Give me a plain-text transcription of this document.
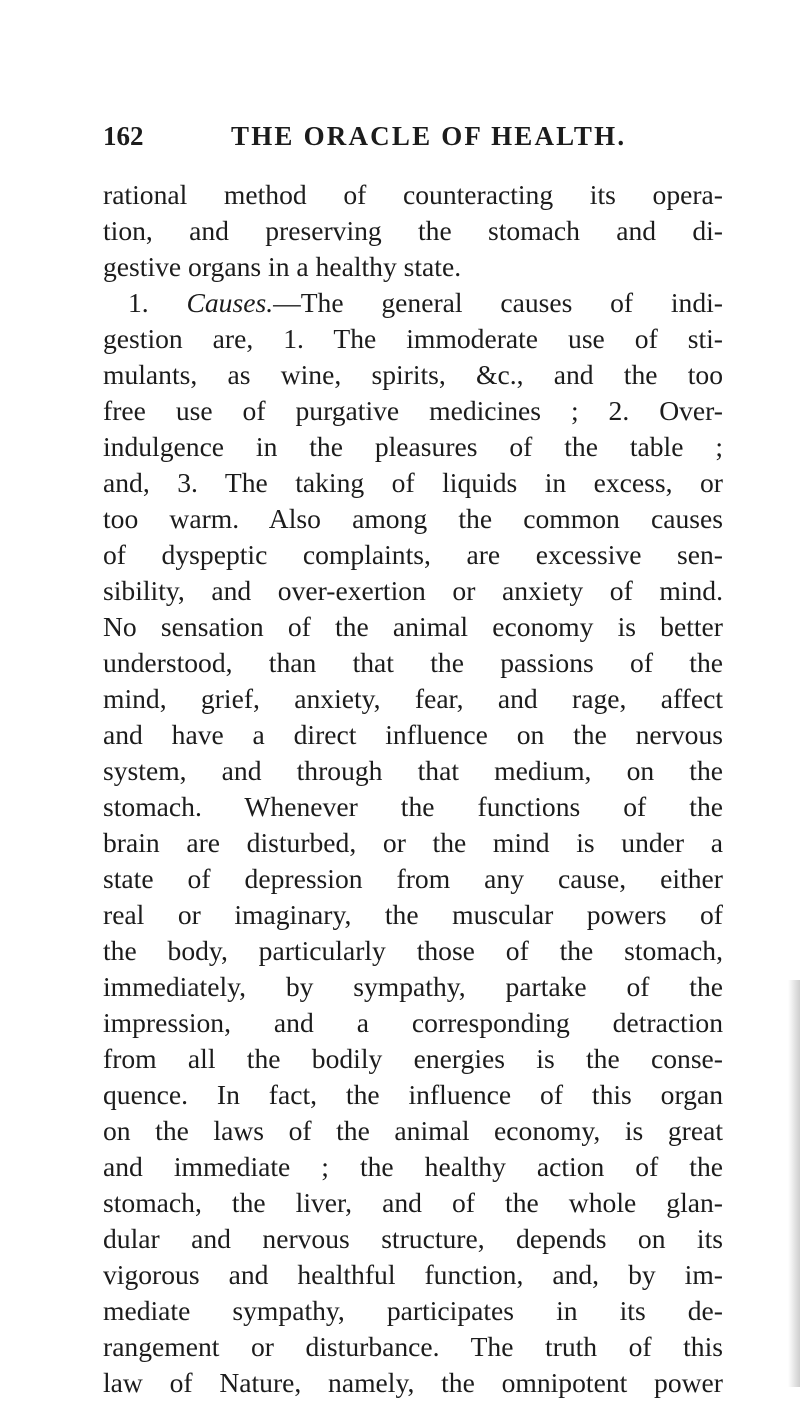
162	THE ORACLE OF HEALTH.
rational method of counteracting its opera-
tion, and preserving the stomach and di-
gestive organs in a healthy state.
1. Causes.—The general causes of indi-
gestion are, 1. The immoderate use of sti-
mulants, as wine, spirits, &c., and the too
free use of purgative medicines ; 2. Over-
indulgence in the pleasures of the table ;
and, 3. The taking of liquids in excess, or
too warm. Also among the common causes
of dyspeptic complaints, are excessive sen-
sibility, and over-exertion or anxiety of mind.
No sensation of the animal economy is better
understood, than that the passions of the
mind, grief, anxiety, fear, and rage, affect
and have a direct influence on the nervous
system, and through that medium, on the
stomach. Whenever the functions of the
brain are disturbed, or the mind is under a
state of depression from any cause, either
real or imaginary, the muscular powers of
the body, particularly those of the stomach,
immediately, by sympathy, partake of the
impression, and a corresponding detraction
from all the bodily energies is the conse-
quence. In fact, the influence of this organ
on the laws of the animal economy, is great
and immediate ; the healthy action of the
stomach, the liver, and of the whole glan-
dular and nervous structure, depends on its
vigorous and healthful function, and, by im-
mediate sympathy, participates in its de-
rangement or disturbance. The truth of this
law of Nature, namely, the omnipotent power
